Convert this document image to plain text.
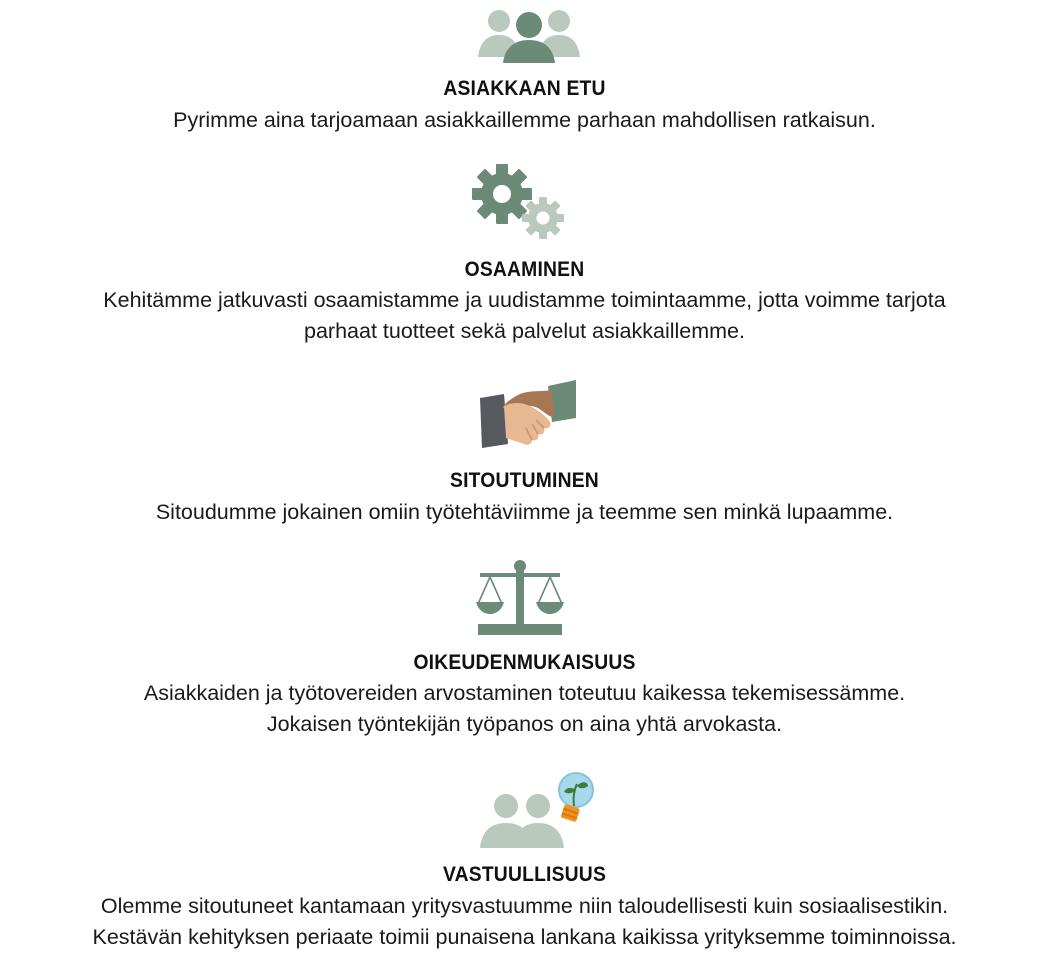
ASIAKKAAN ETU
Pyrimme aina tarjoamaan asiakkaillemme parhaan mahdollisen ratkaisun.
OSAAMINEN
Kehitämme jatkuvasti osaamistamme ja uudistamme toimintaamme, jotta voimme tarjota
parhaat tuotteet sekä palvelut asiakkaillemme.
SITOUTUMINEN
Sitoudumme jokainen omiin työtehtäviimme ja teemme sen minkä lupaamme.
OIKEUDENMUKAISUUS
Asiakkaiden ja työtovereiden arvostaminen toteutuu kaikessa tekemisessämme.
Jokaisen työntekijän työpanos on aina yhtä arvokasta.
VASTUULLISUUS
Olemme sitoutuneet kantamaan yritysvastuumme niin taloudellisesti kuin sosiaalisestikin.
Kestävän kehityksen periaate toimii punaisena lankana kaikissa yrityksemme toiminnoissa.
